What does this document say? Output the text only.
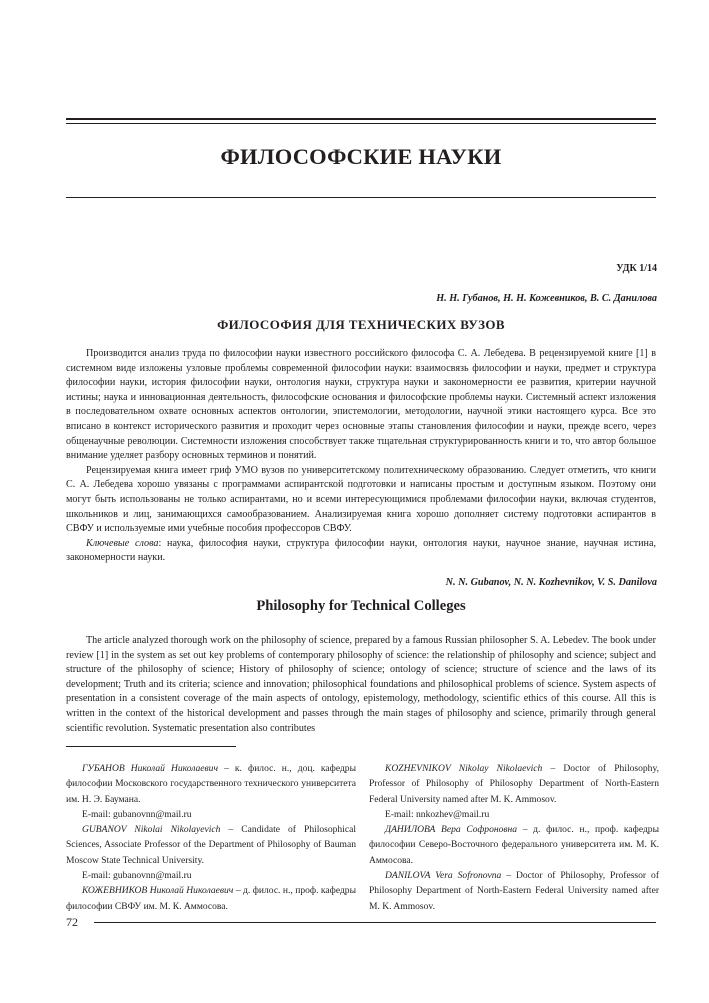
ФИЛОСОФСКИЕ НАУКИ
УДК 1/14
Н. Н. Губанов, Н. Н. Кожевников, В. С. Данилова
ФИЛОСОФИЯ ДЛЯ ТЕХНИЧЕСКИХ ВУЗОВ

Производится анализ труда по философии науки известного российского философа С. А. Лебедева. В рецензируемой книге [1] в системном виде изложены узловые проблемы современной философии науки: взаимосвязь философии и науки, предмет и структура философии науки, история философии науки, онтология науки, структура науки и закономерности ее развития, критерии научной истины; наука и инновационная деятельность, философские основания и философские проблемы науки. Системный аспект изложения в последовательном охвате основных аспектов онтологии, эпистемологии, методологии, научной этики настоящего курса. Все это вписано в контекст исторического развития и проходит через основные этапы становления философии и науки, прежде всего, через общенаучные революции. Системности изложения способствует также тщательная структурированность книги и то, что автор большое внимание уделяет разбору основных терминов и понятий.

Рецензируемая книга имеет гриф УМО вузов по университетскому политехническому образованию. Следует отметить, что книги С. А. Лебедева хорошо увязаны с программами аспирантской подготовки и написаны простым и доступным языком. Поэтому они могут быть использованы не только аспирантами, но и всеми интересующимися проблемами философии науки, включая студентов, школьников и лиц, занимающихся самообразованием. Анализируемая книга хорошо дополняет систему подготовки аспирантов в СВФУ и используемые ими учебные пособия профессоров СВФУ.

Ключевые слова: наука, философия науки, структура философии науки, онтология науки, научное знание, научная истина, закономерности науки.

N. N. Gubanov, N. N. Kozhevnikov, V. S. Danilova
Philosophy for Technical Colleges

The article analyzed thorough work on the philosophy of science, prepared by a famous Russian philosopher S. A. Lebedev. The book under review [1] in the system as set out key problems of contemporary philosophy of science: the relationship of philosophy and science; subject and structure of the philosophy of science; History of philosophy of science; ontology of science; structure of science and the laws of its development; Truth and its criteria; science and innovation; philosophical foundations and philosophical problems of science. System aspects of presentation in a consistent coverage of the main aspects of ontology, epistemology, methodology, scientific ethics of this course. All this is written in the context of the historical development and passes through the main stages of philosophy and science, primarily through general scientific revolution. Systematic presentation also contributes

ГУБАНОВ Николай Николаевич – к. филос. н., доц. кафедры философии Московского государственного технического университета им. Н. Э. Баумана.

E-mail: gubanovnn@mail.ru

GUBANOV Nikolai Nikolayevich – Candidate of Philosophical Sciences, Associate Professor of the Department of Philosophy of Bauman Moscow State Technical University.

E-mail: gubanovnn@mail.ru

КОЖЕВНИКОВ Николай Николаевич – д. филос. н., проф. кафедры философии СВФУ им. М. К. Аммосова.

KOZHEVNIKOV Nikolay Nikolaevich – Doctor of Philosophy, Professor of Philosophy of Philosophy Department of North-Eastern Federal University named after M. K. Ammosov.

E-mail: nnkozhev@mail.ru

ДАНИЛОВА Вера Софроновна – д. филос. н., проф. кафедры философии Северо-Восточного федерального университета им. М. К. Аммосова.

DANILOVA Vera Sofronovna – Doctor of Philosophy, Professor of Philosophy Department of North-Eastern Federal University named after M. K. Ammosov.

72
